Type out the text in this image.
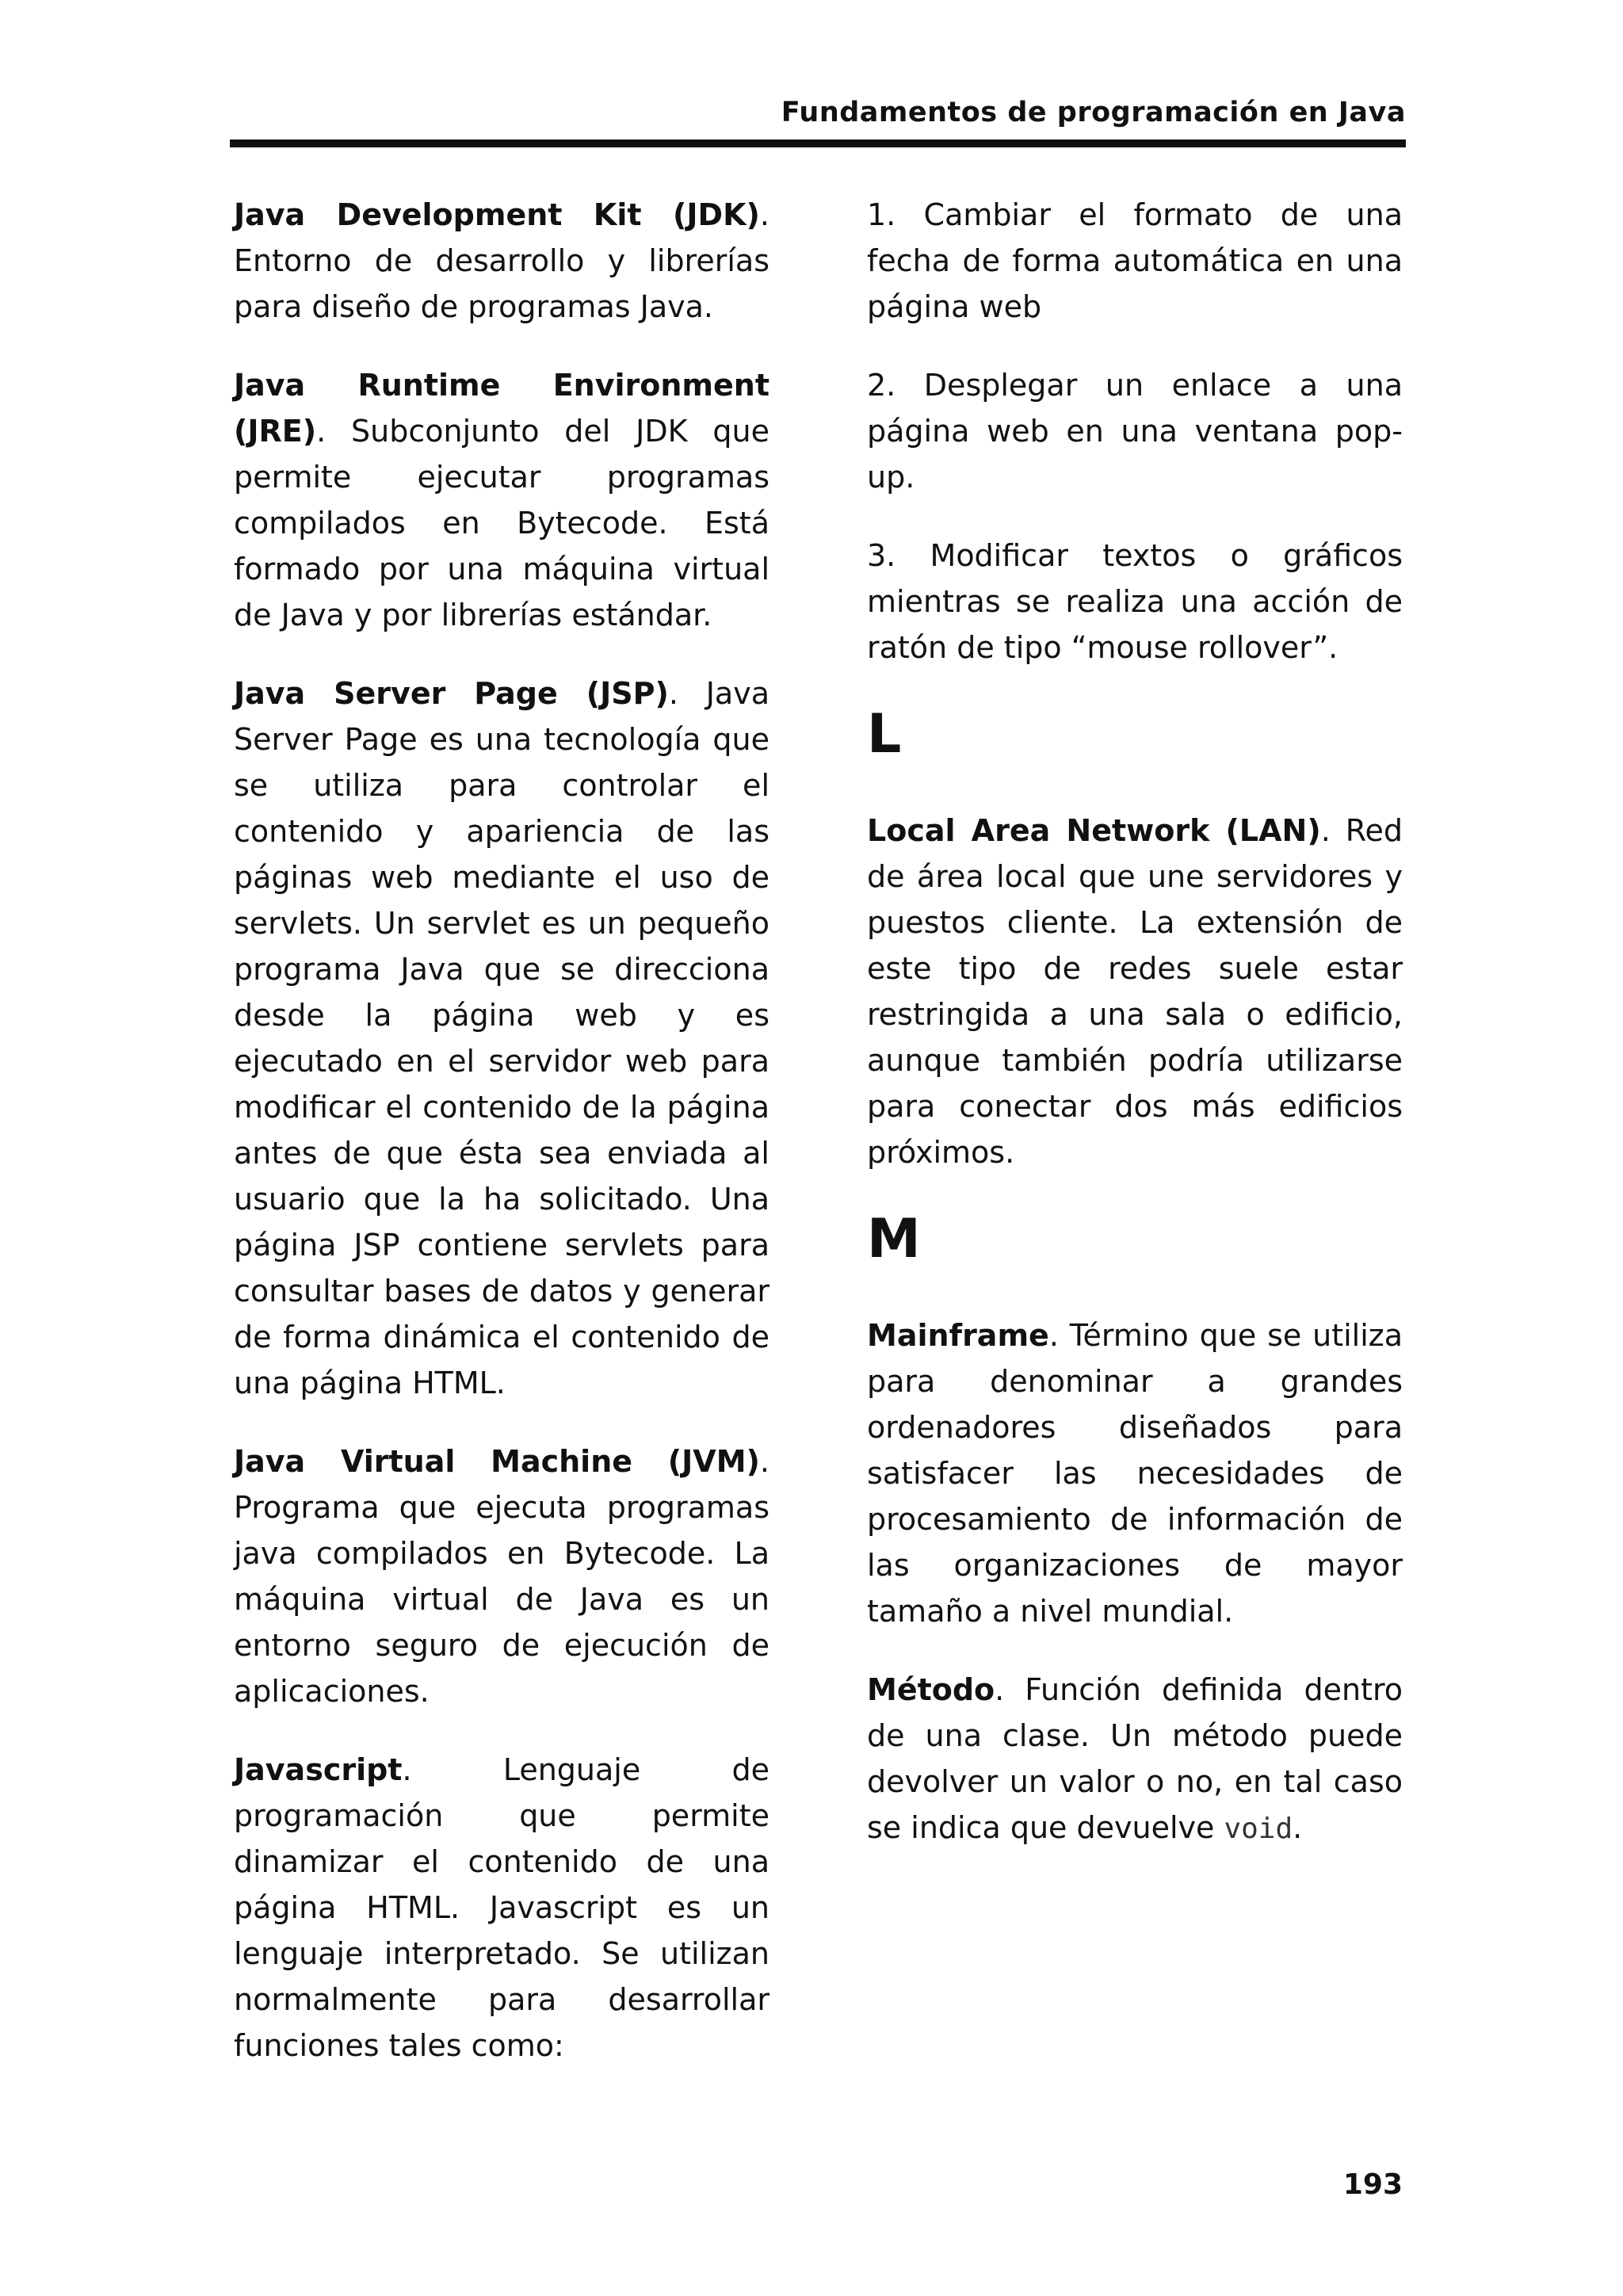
Fundamentos de programación en Java

Java Development Kit (JDK). Entorno de desarrollo y librerías para diseño de programas Java.

Java Runtime Environment (JRE). Subconjunto del JDK que permite ejecutar programas compilados en Bytecode. Está formado por una máquina virtual de Java y por librerías estándar.

Java Server Page (JSP). Java Server Page es una tecnología que se utiliza para controlar el contenido y apariencia de las páginas web mediante el uso de servlets. Un servlet es un pequeño programa Java que se direcciona desde la página web y es ejecutado en el servidor web para modificar el contenido de la página antes de que ésta sea enviada al usuario que la ha solicitado. Una página JSP contiene servlets para consultar bases de datos y generar de forma dinámica el contenido de una página HTML.

Java Virtual Machine (JVM). Programa que ejecuta programas java compilados en Bytecode. La máquina virtual de Java es un entorno seguro de ejecución de aplicaciones.

Javascript. Lenguaje de programación que permite dinamizar el contenido de una página HTML. Javascript es un lenguaje interpretado. Se utilizan normalmente para desarrollar funciones tales como:

1. Cambiar el formato de una fecha de forma automática en una página web

2. Desplegar un enlace a una página web en una ventana pop-up.

3. Modificar textos o gráficos mientras se realiza una acción de ratón de tipo “mouse rollover”.

L

Local Area Network (LAN). Red de área local que une servidores y puestos cliente. La extensión de este tipo de redes suele estar restringida a una sala o edificio, aunque también podría utilizarse para conectar dos más edificios próximos.

M

Mainframe. Término que se utiliza para denominar a grandes ordenadores diseñados para satisfacer las necesidades de procesamiento de información de las organizaciones de mayor tamaño a nivel mundial.

Método. Función definida dentro de una clase. Un método puede devolver un valor o no, en tal caso se indica que devuelve void.

193
